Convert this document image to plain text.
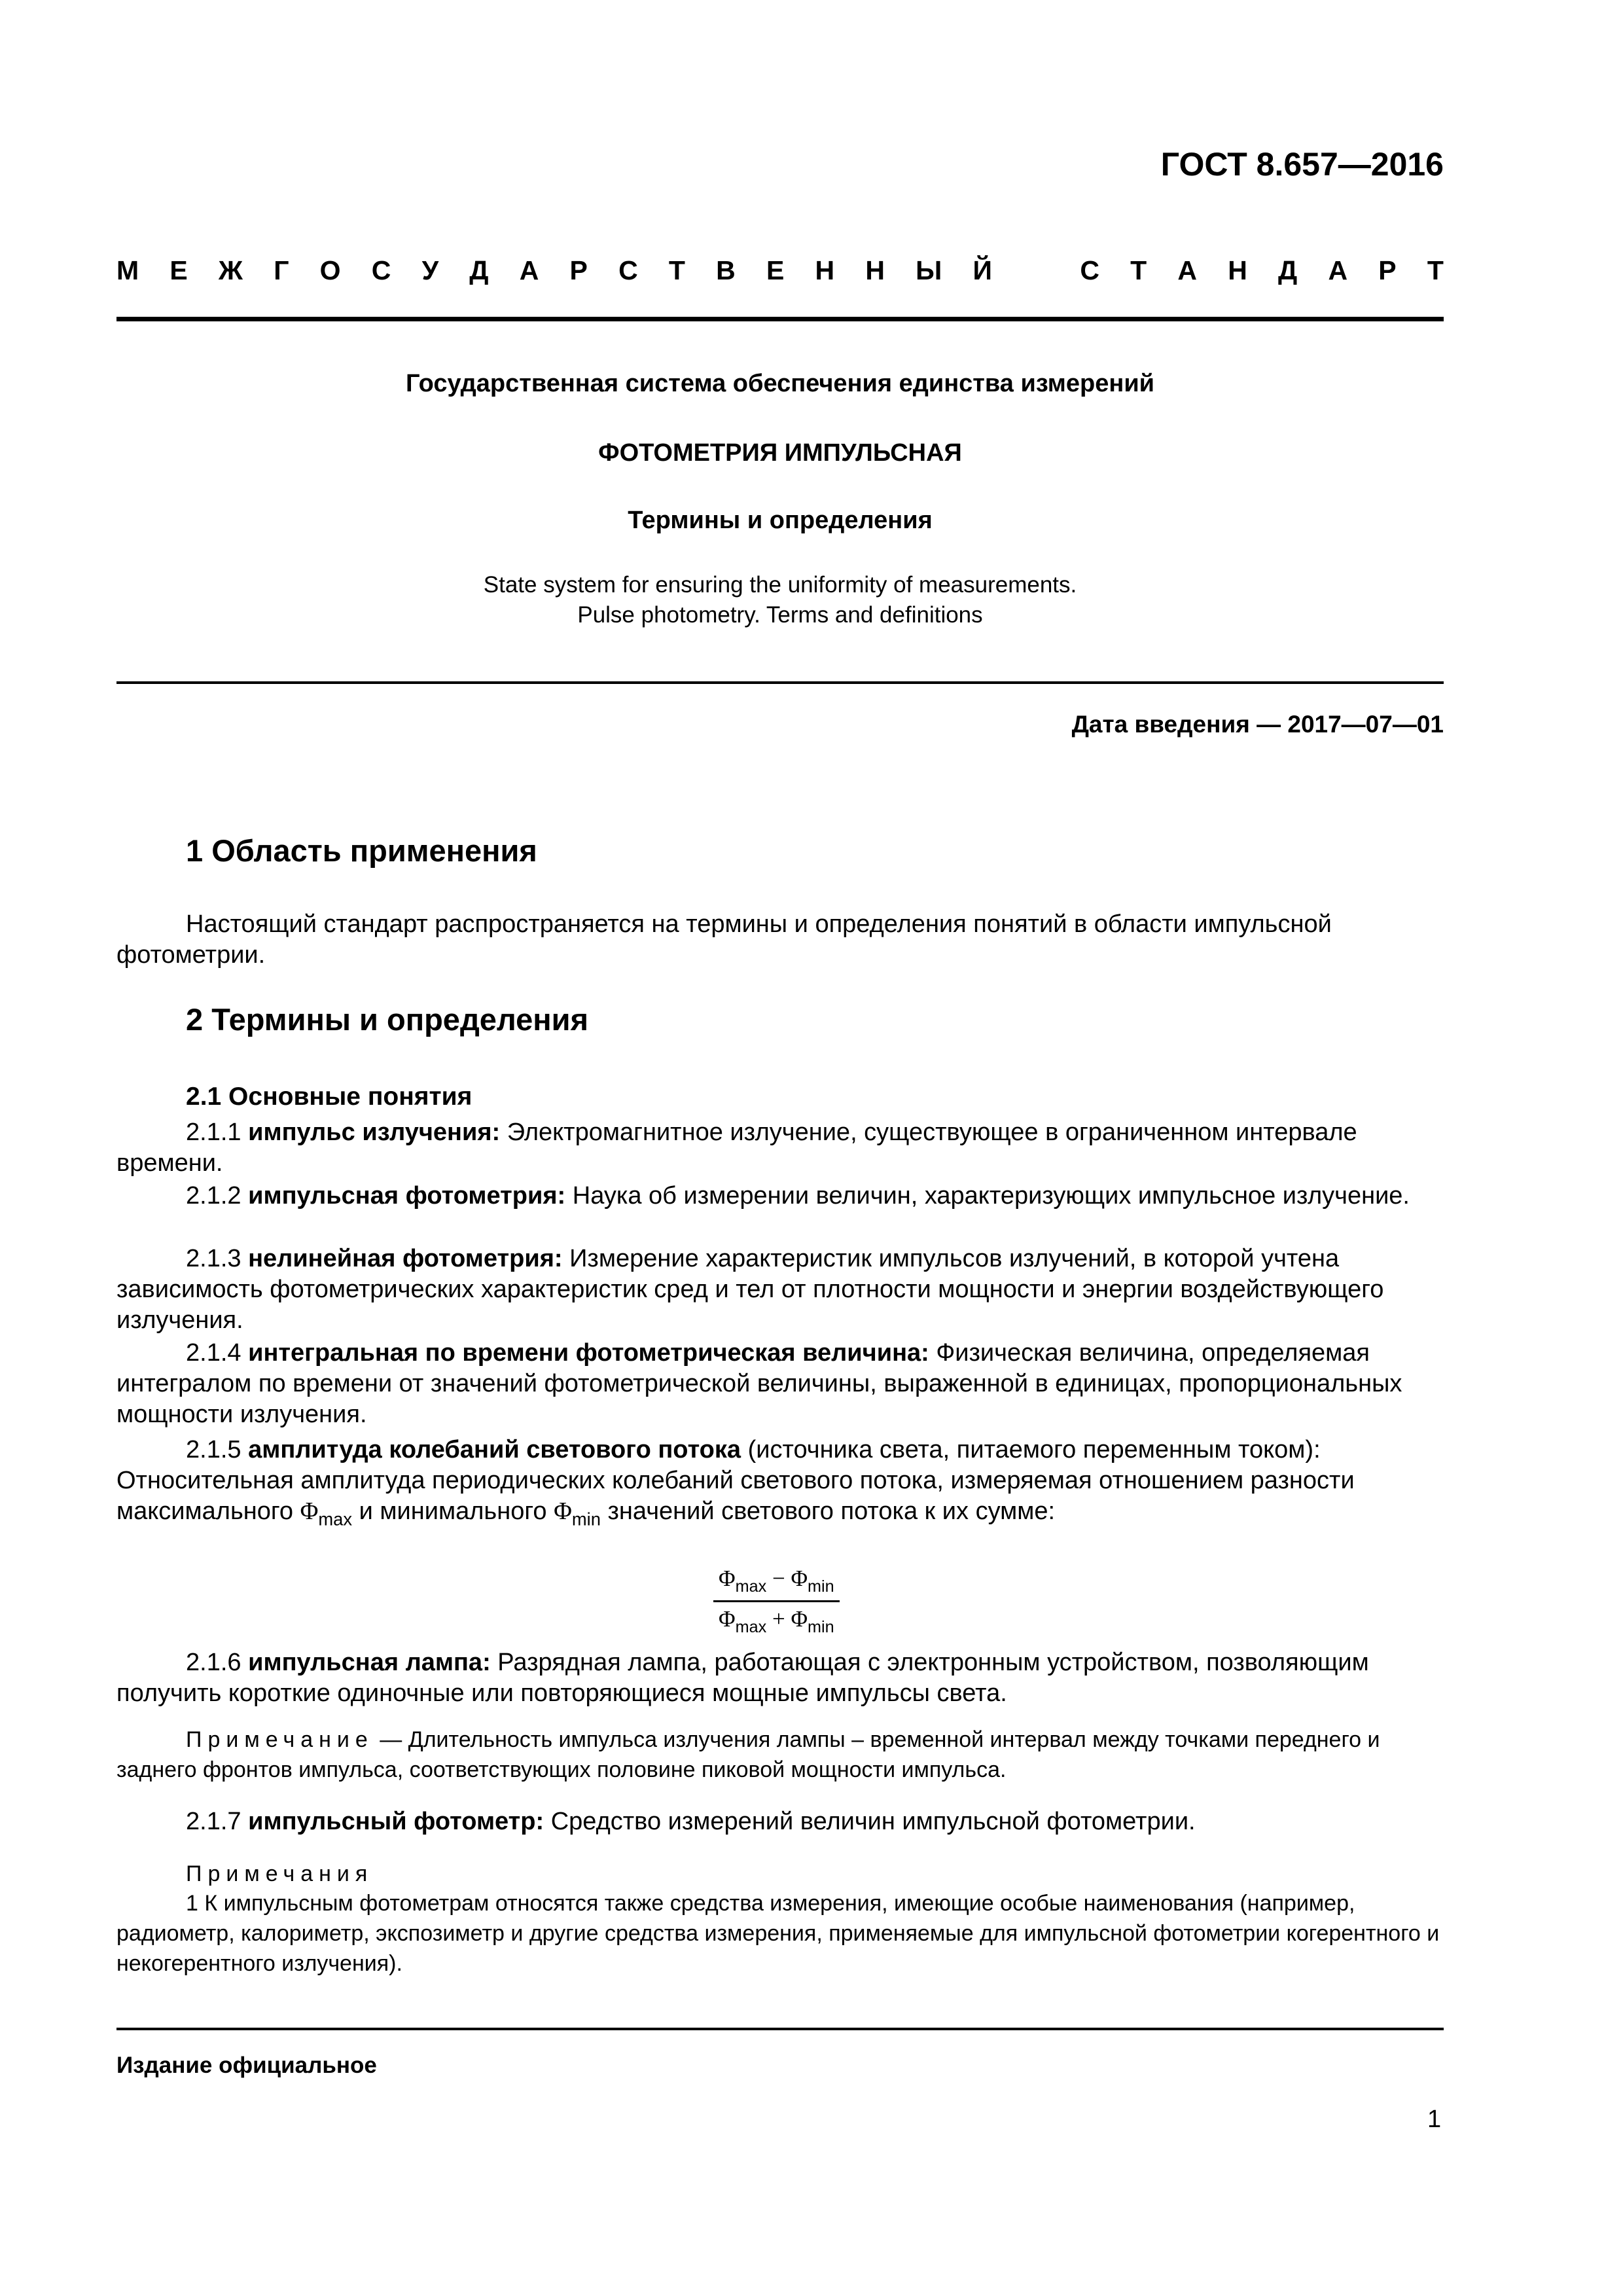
ГОСТ 8.657—2016
М Е Ж Г О С У Д А Р С Т В Е Н Н Ы Й	С Т А Н Д А Р Т
Государственная система обеспечения единства измерений
ФОТОМЕТРИЯ ИМПУЛЬСНАЯ
Термины и определения
State system for ensuring the uniformity of measurements.
Pulse photometry. Terms and definitions
Дата введения — 2017—07—01
1 Область применения
Настоящий стандарт распространяется на термины и определения понятий в области импульсной фотометрии.
2 Термины и определения
2.1 Основные понятия
2.1.1 импульс излучения: Электромагнитное излучение, существующее в ограниченном интервале времени.
2.1.2 импульсная фотометрия: Наука об измерении величин, характеризующих импульсное излучение.
2.1.3 нелинейная фотометрия: Измерение характеристик импульсов излучений, в которой учтена зависимость фотометрических характеристик сред и тел от плотности мощности и энергии воздействующего излучения.
2.1.4 интегральная по времени фотометрическая величина: Физическая величина, определяемая интегралом по времени от значений фотометрической величины, выраженной в единицах, пропорциональных мощности излучения.
2.1.5 амплитуда колебаний светового потока (источника света, питаемого переменным током): Относительная амплитуда периодических колебаний светового потока, измеряемая отношением разности максимального $\Phi_{max}$ и минимального $\Phi_{min}$ значений светового потока к их сумме:
$\Phi_{max} - \Phi_{min}$
$\Phi_{max} + \Phi_{min}$
2.1.6 импульсная лампа: Разрядная лампа, работающая с электронным устройством, позволяющим получить короткие одиночные или повторяющиеся мощные импульсы света.
Примечание — Длительность импульса излучения лампы – временной интервал между точками переднего и заднего фронтов импульса, соответствующих половине пиковой мощности импульса.
2.1.7 импульсный фотометр: Средство измерений величин импульсной фотометрии.
Примечания
1 К импульсным фотометрам относятся также средства измерения, имеющие особые наименования (например, радиометр, калориметр, экспозиметр и другие средства измерения, применяемые для импульсной фотометрии когерентного и некогерентного излучения).
Издание официальное
1
